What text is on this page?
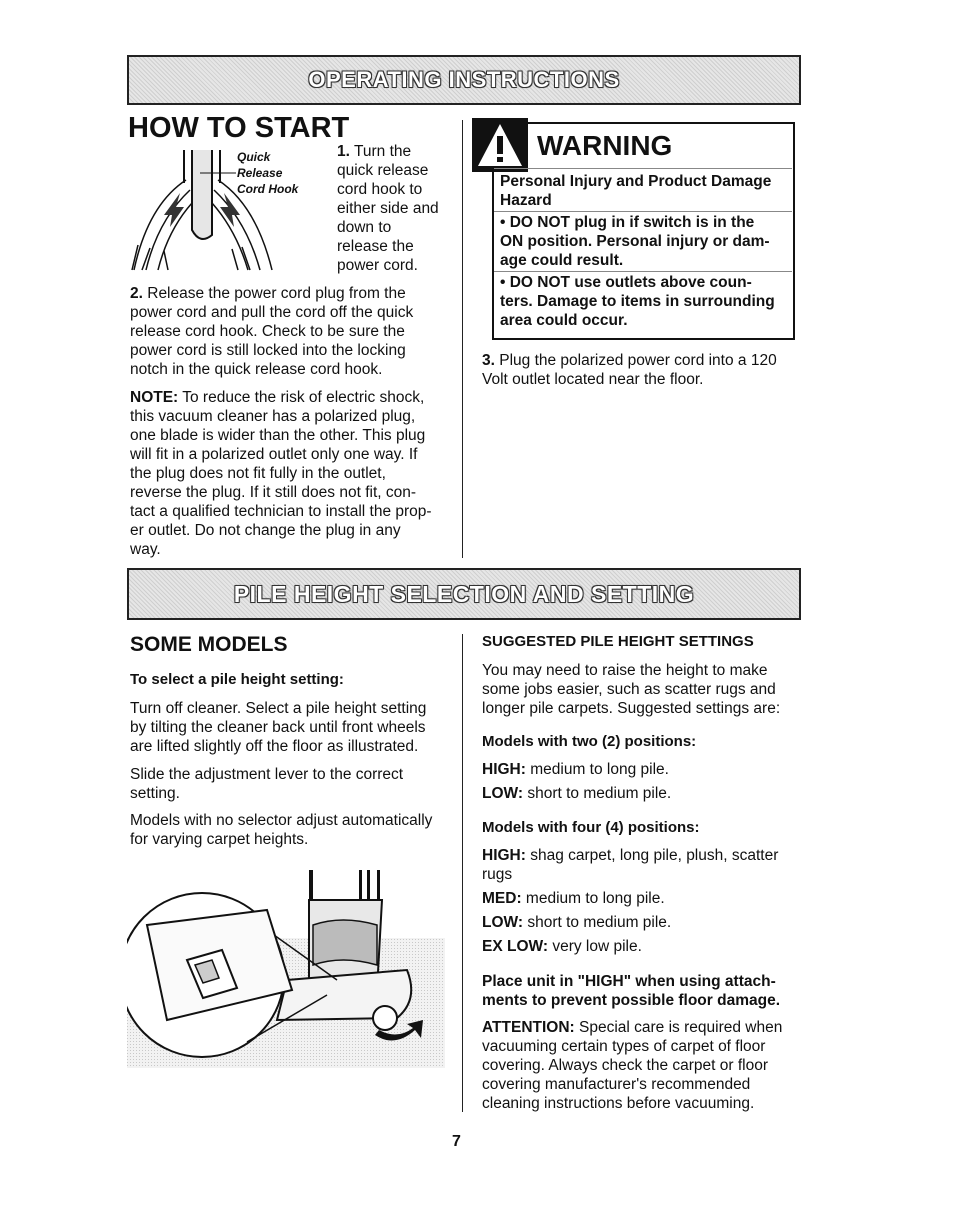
OPERATING INSTRUCTIONS
HOW TO START
Quick
Release
Cord Hook

1. Turn the
quick release
cord hook to
either side and
down to
release the
power cord.

2. Release the power cord plug from the
power cord and pull the cord off the quick
release cord hook. Check to be sure the
power cord is still locked into the locking
notch in the quick release cord hook.

NOTE: To reduce the risk of electric shock,
this vacuum cleaner has a polarized plug,
one blade is wider than the other. This plug
will fit in a polarized outlet only one way. If
the plug does not fit fully in the outlet,
reverse the plug. If it still does not fit, con-
tact a qualified technician to install the prop-
er outlet. Do not change the plug in any
way.

WARNING

Personal Injury and Product Damage
Hazard

• DO NOT plug in if switch is in the
ON position. Personal injury or dam-
age could result.

• DO NOT use outlets above coun-
ters. Damage to items in surrounding
area could occur.

3. Plug the polarized power cord into a 120
Volt outlet located near the floor.

PILE HEIGHT SELECTION AND SETTING
SOME MODELS

To select a pile height setting:

Turn off cleaner. Select a pile height setting
by tilting the cleaner back until front wheels
are lifted slightly off the floor as illustrated.

Slide the adjustment lever to the correct
setting.

Models with no selector adjust automatically
for varying carpet heights.

SUGGESTED PILE HEIGHT SETTINGS

You may need to raise the height to make
some jobs easier, such as scatter rugs and
longer pile carpets. Suggested settings are:

Models with two (2) positions:

HIGH: medium to long pile.

LOW: short to medium pile.

Models with four (4) positions:

HIGH: shag carpet, long pile, plush, scatter
rugs

MED: medium to long pile.

LOW: short to medium pile.

EX LOW: very low pile.

Place unit in "HIGH" when using attach-
ments to prevent possible floor damage.

ATTENTION: Special care is required when
vacuuming certain types of carpet of floor
covering. Always check the carpet or floor
covering manufacturer's recommended
cleaning instructions before vacuuming.

7
